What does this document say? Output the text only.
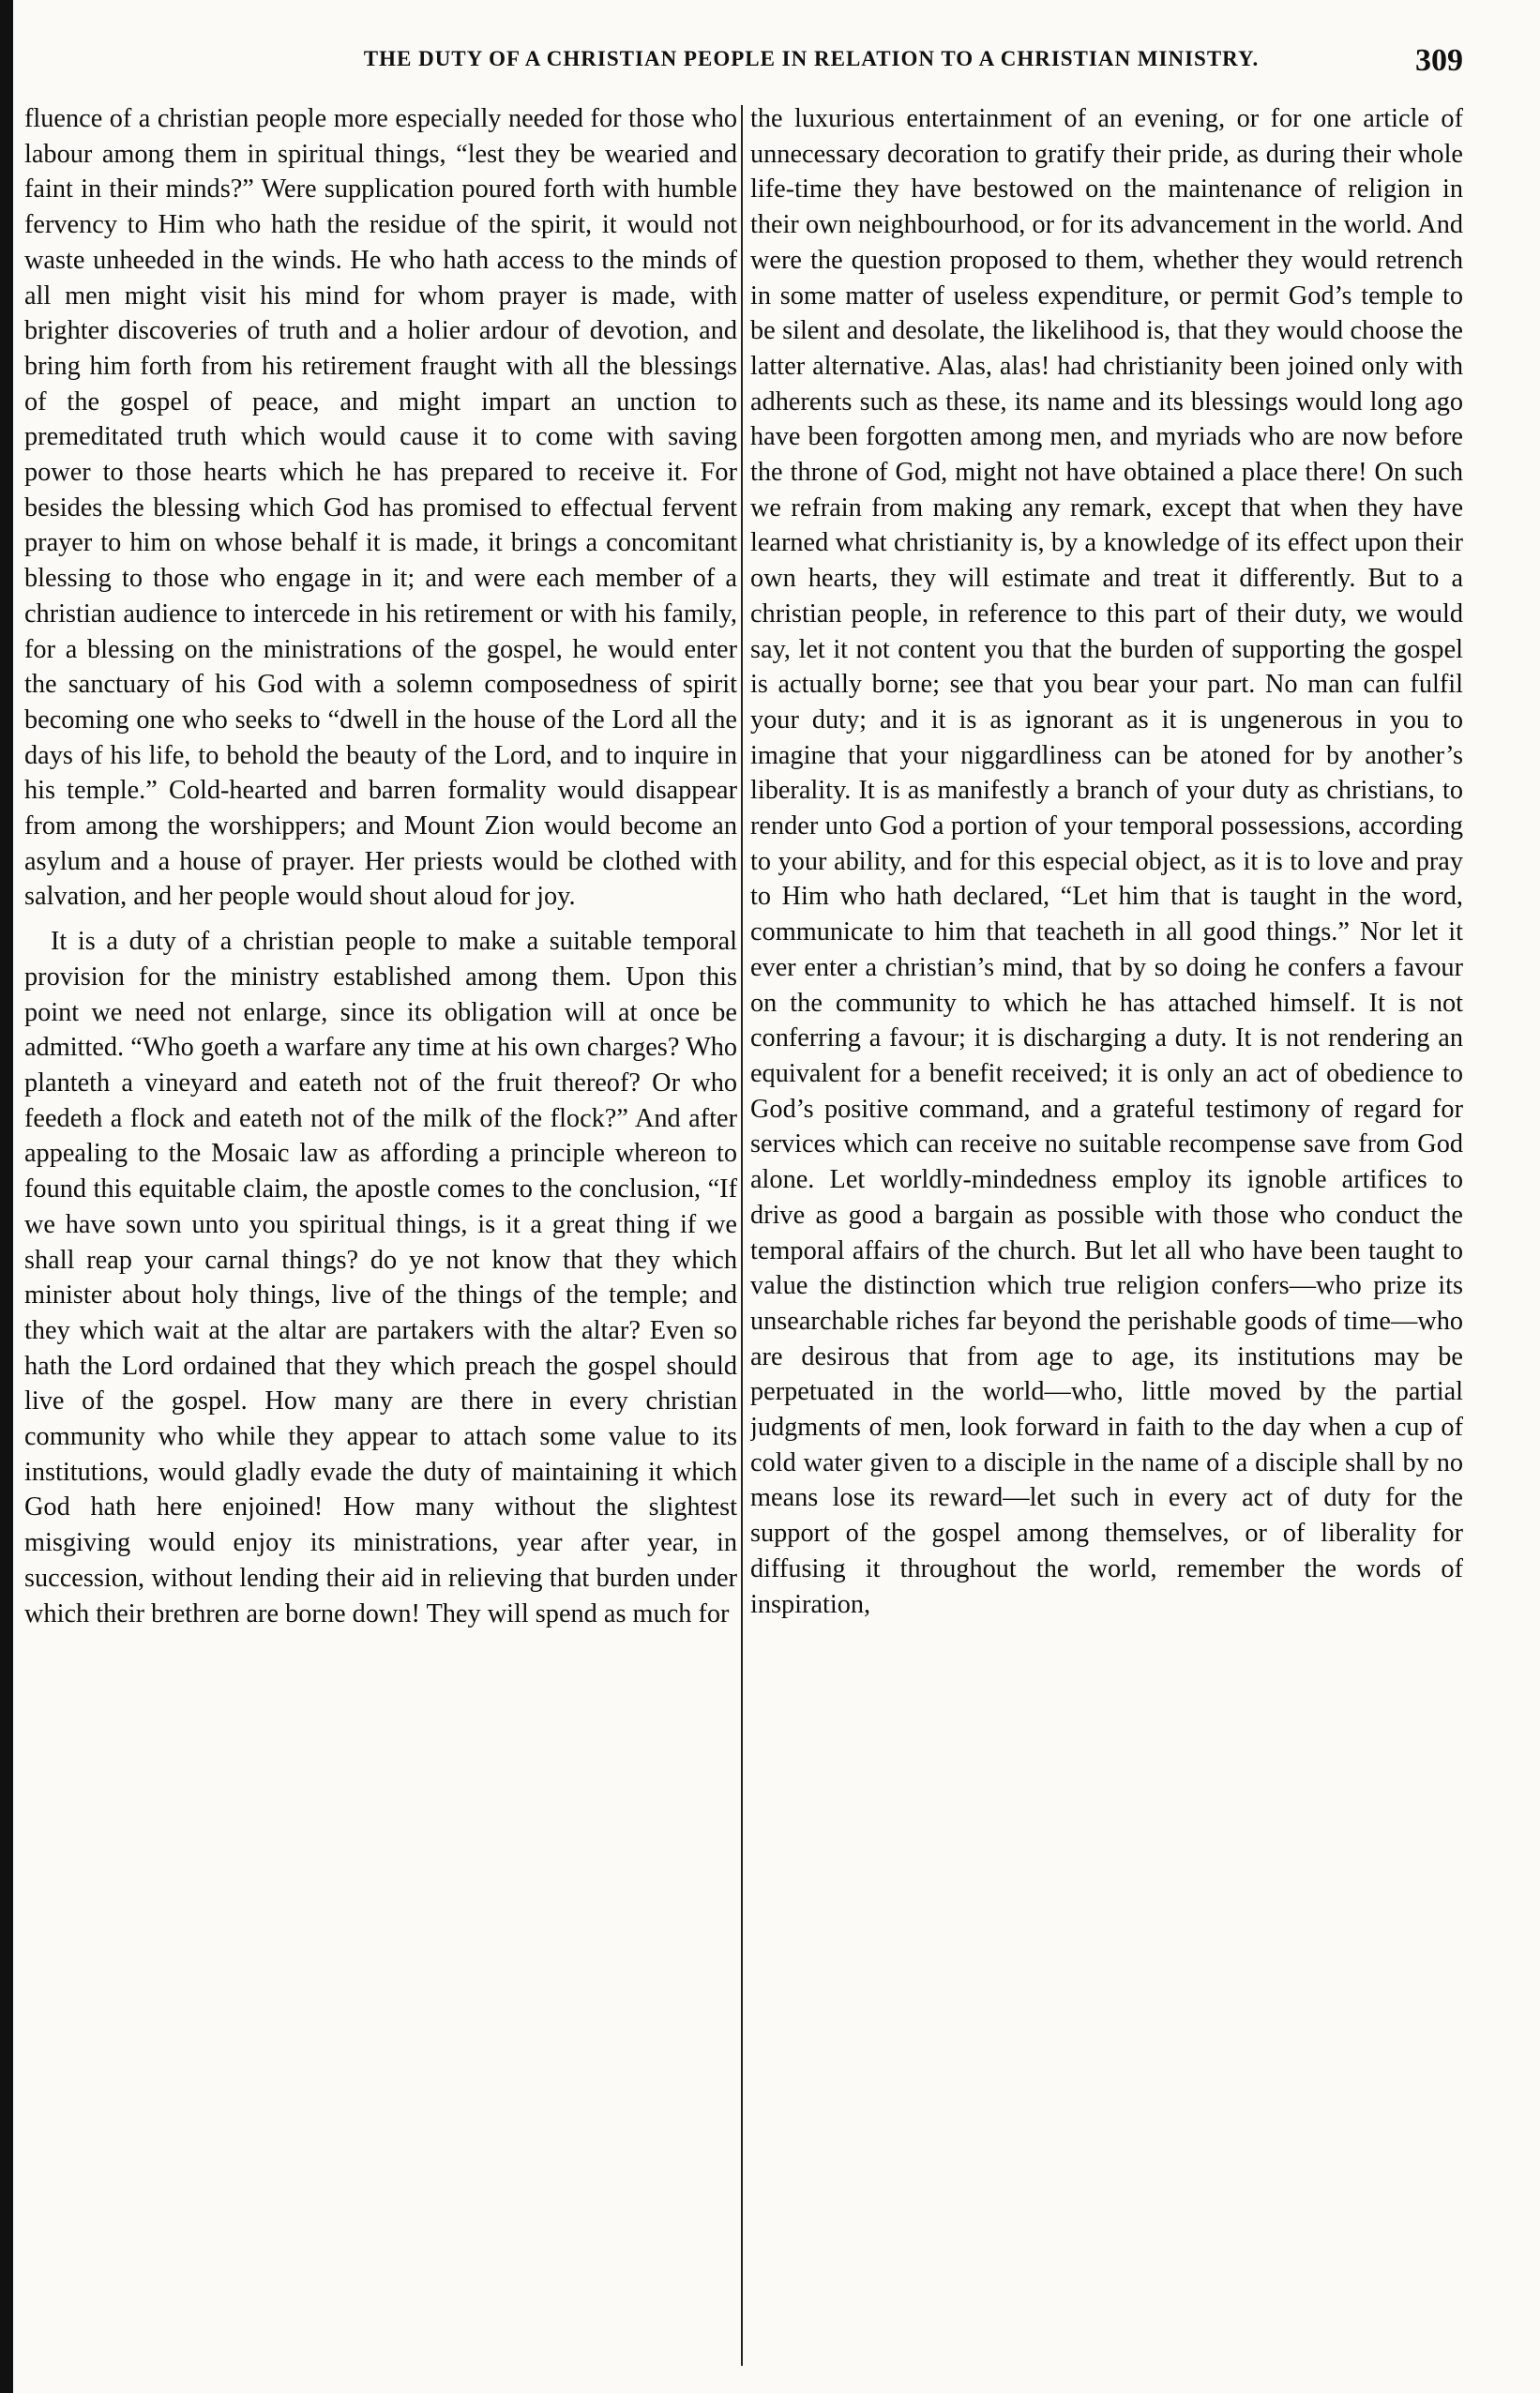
THE DUTY OF A CHRISTIAN PEOPLE IN RELATION TO A CHRISTIAN MINISTRY.	309

fluence of a christian people more especially needed for those who labour among them in spiritual things, “lest they be wearied and faint in their minds?” Were supplication poured forth with humble fervency to Him who hath the residue of the spirit, it would not waste unheeded in the winds. He who hath access to the minds of all men might visit his mind for whom prayer is made, with brighter discoveries of truth and a holier ardour of devotion, and bring him forth from his retirement fraught with all the blessings of the gospel of peace, and might impart an unction to premeditated truth which would cause it to come with saving power to those hearts which he has prepared to receive it. For besides the blessing which God has promised to effectual fervent prayer to him on whose behalf it is made, it brings a concomitant blessing to those who engage in it; and were each member of a christian audience to intercede in his retirement or with his family, for a blessing on the ministrations of the gospel, he would enter the sanctuary of his God with a solemn composedness of spirit becoming one who seeks to “dwell in the house of the Lord all the days of his life, to behold the beauty of the Lord, and to inquire in his temple.” Cold-hearted and barren formality would disappear from among the worshippers; and Mount Zion would become an asylum and a house of prayer. Her priests would be clothed with salvation, and her people would shout aloud for joy.

It is a duty of a christian people to make a suitable temporal provision for the ministry established among them. Upon this point we need not enlarge, since its obligation will at once be admitted. “Who goeth a warfare any time at his own charges? Who planteth a vineyard and eateth not of the fruit thereof? Or who feedeth a flock and eateth not of the milk of the flock?” And after appealing to the Mosaic law as affording a principle whereon to found this equitable claim, the apostle comes to the conclusion, “If we have sown unto you spiritual things, is it a great thing if we shall reap your carnal things? do ye not know that they which minister about holy things, live of the things of the temple; and they which wait at the altar are partakers with the altar? Even so hath the Lord ordained that they which preach the gospel should live of the gospel. How many are there in every christian community who while they appear to attach some value to its institutions, would gladly evade the duty of maintaining it which God hath here enjoined! How many without the slightest misgiving would enjoy its ministrations, year after year, in succession, without lending their aid in relieving that burden under which their brethren are borne down! They will spend as much for

the luxurious entertainment of an evening, or for one article of unnecessary decoration to gratify their pride, as during their whole life-time they have bestowed on the maintenance of religion in their own neighbourhood, or for its advancement in the world. And were the question proposed to them, whether they would retrench in some matter of useless expenditure, or permit God’s temple to be silent and desolate, the likelihood is, that they would choose the latter alternative. Alas, alas! had christianity been joined only with adherents such as these, its name and its blessings would long ago have been forgotten among men, and myriads who are now before the throne of God, might not have obtained a place there! On such we refrain from making any remark, except that when they have learned what christianity is, by a knowledge of its effect upon their own hearts, they will estimate and treat it differently. But to a christian people, in reference to this part of their duty, we would say, let it not content you that the burden of supporting the gospel is actually borne; see that you bear your part. No man can fulfil your duty; and it is as ignorant as it is ungenerous in you to imagine that your niggardliness can be atoned for by another’s liberality. It is as manifestly a branch of your duty as christians, to render unto God a portion of your temporal possessions, according to your ability, and for this especial object, as it is to love and pray to Him who hath declared, “Let him that is taught in the word, communicate to him that teacheth in all good things.” Nor let it ever enter a christian’s mind, that by so doing he confers a favour on the community to which he has attached himself. It is not conferring a favour; it is discharging a duty. It is not rendering an equivalent for a benefit received; it is only an act of obedience to God’s positive command, and a grateful testimony of regard for services which can receive no suitable recompense save from God alone. Let worldly-mindedness employ its ignoble artifices to drive as good a bargain as possible with those who conduct the temporal affairs of the church. But let all who have been taught to value the distinction which true religion confers—who prize its unsearchable riches far beyond the perishable goods of time—who are desirous that from age to age, its institutions may be perpetuated in the world—who, little moved by the partial judgments of men, look forward in faith to the day when a cup of cold water given to a disciple in the name of a disciple shall by no means lose its reward—let such in every act of duty for the support of the gospel among themselves, or of liberality for diffusing it throughout the world, remember the words of inspiration,
